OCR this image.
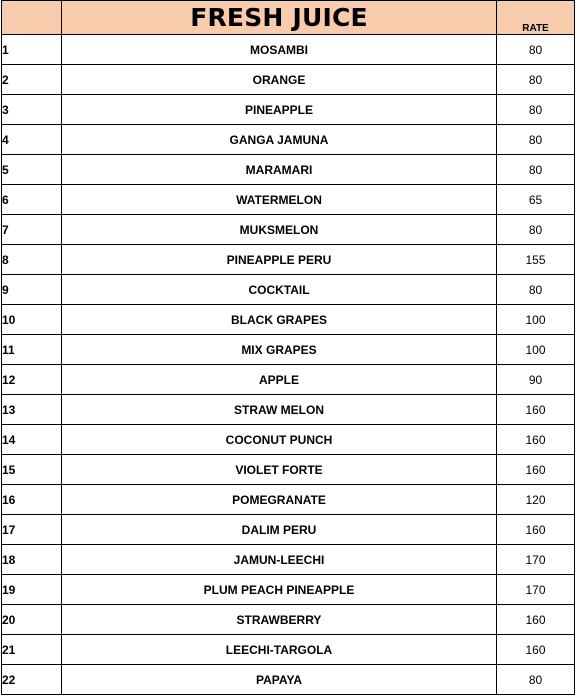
	FRESH JUICE	RATE
1	MOSAMBI	80
2	ORANGE	80
3	PINEAPPLE	80
4	GANGA JAMUNA	80
5	MARAMARI	80
6	WATERMELON	65
7	MUKSMELON	80
8	PINEAPPLE PERU	155
9	COCKTAIL	80
10	BLACK GRAPES	100
11	MIX GRAPES	100
12	APPLE	90
13	STRAW MELON	160
14	COCONUT PUNCH	160
15	VIOLET FORTE	160
16	POMEGRANATE	120
17	DALIM PERU	160
18	JAMUN-LEECHI	170
19	PLUM PEACH PINEAPPLE	170
20	STRAWBERRY	160
21	LEECHI-TARGOLA	160
22	PAPAYA	80
